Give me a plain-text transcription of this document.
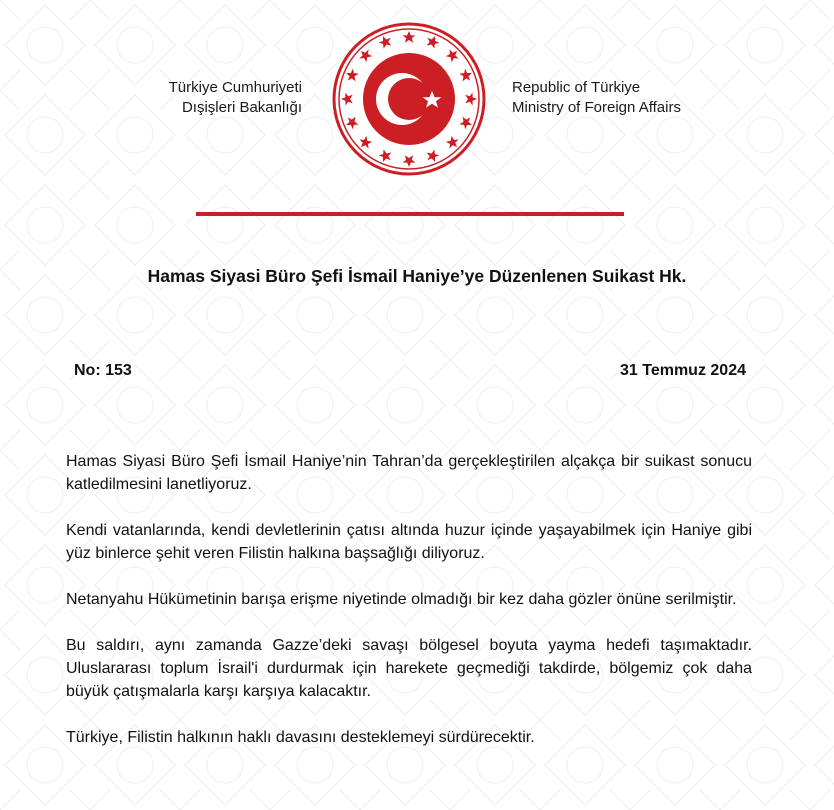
Türkiye Cumhuriyeti
Dışişleri Bakanlığı
Republic of Türkiye
Ministry of Foreign Affairs
Hamas Siyasi Büro Şefi İsmail Haniye’ye Düzenlenen Suikast Hk.
No: 153	31 Temmuz 2024

Hamas Siyasi Büro Şefi İsmail Haniye’nin Tahran’da gerçekleştirilen alçakça bir suikast sonucu katledilmesini lanetliyoruz.

Kendi vatanlarında, kendi devletlerinin çatısı altında huzur içinde yaşayabilmek için Haniye gibi yüz binlerce şehit veren Filistin halkına başsağlığı diliyoruz.

Netanyahu Hükümetinin barışa erişme niyetinde olmadığı bir kez daha gözler önüne serilmiştir.

Bu saldırı, aynı zamanda Gazze’deki savaşı bölgesel boyuta yayma hedefi taşımaktadır. Uluslararası toplum İsrail'i durdurmak için harekete geçmediği takdirde, bölgemiz çok daha büyük çatışmalarla karşı karşıya kalacaktır.

Türkiye, Filistin halkının haklı davasını desteklemeyi sürdürecektir.
